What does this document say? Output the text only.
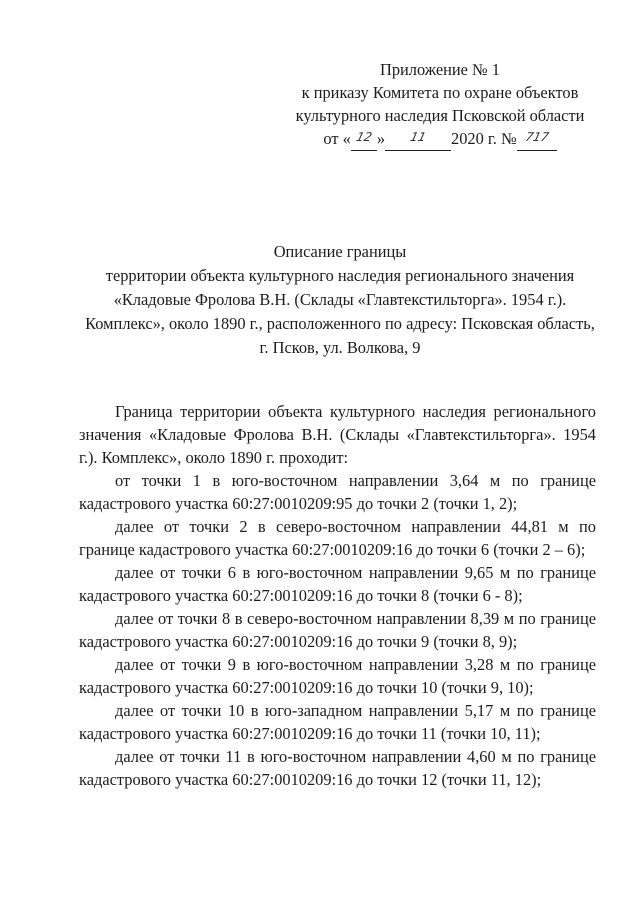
Приложение № 1
к приказу Комитета по охране объектов
культурного наследия Псковской области
от « 12 »	11	2020 г. № 717

Описание границы
территории объекта культурного наследия регионального значения
«Кладовые Фролова В.Н. (Склады «Главтекстильторга». 1954 г.).
Комплекс», около 1890 г., расположенного по адресу: Псковская область,
г. Псков, ул. Волкова, 9

Граница территории объекта культурного наследия регионального значения «Кладовые Фролова В.Н. (Склады «Главтекстильторга». 1954 г.). Комплекс», около 1890 г. проходит:

от точки 1 в юго-восточном направлении 3,64 м по границе кадастрового участка 60:27:0010209:95 до точки 2 (точки 1, 2);

далее от точки 2 в северо-восточном направлении 44,81 м по границе кадастрового участка 60:27:0010209:16 до точки 6 (точки 2 – 6);

далее от точки 6 в юго-восточном направлении 9,65 м по границе кадастрового участка 60:27:0010209:16 до точки 8 (точки 6 - 8);

далее от точки 8 в северо-восточном направлении 8,39 м по границе кадастрового участка 60:27:0010209:16 до точки 9 (точки 8, 9);

далее от точки 9 в юго-восточном направлении 3,28 м по границе кадастрового участка 60:27:0010209:16 до точки 10 (точки 9, 10);

далее от точки 10 в юго-западном направлении 5,17 м по границе кадастрового участка 60:27:0010209:16 до точки 11 (точки 10, 11);

далее от точки 11 в юго-восточном направлении 4,60 м по границе кадастрового участка 60:27:0010209:16 до точки 12 (точки 11, 12);
